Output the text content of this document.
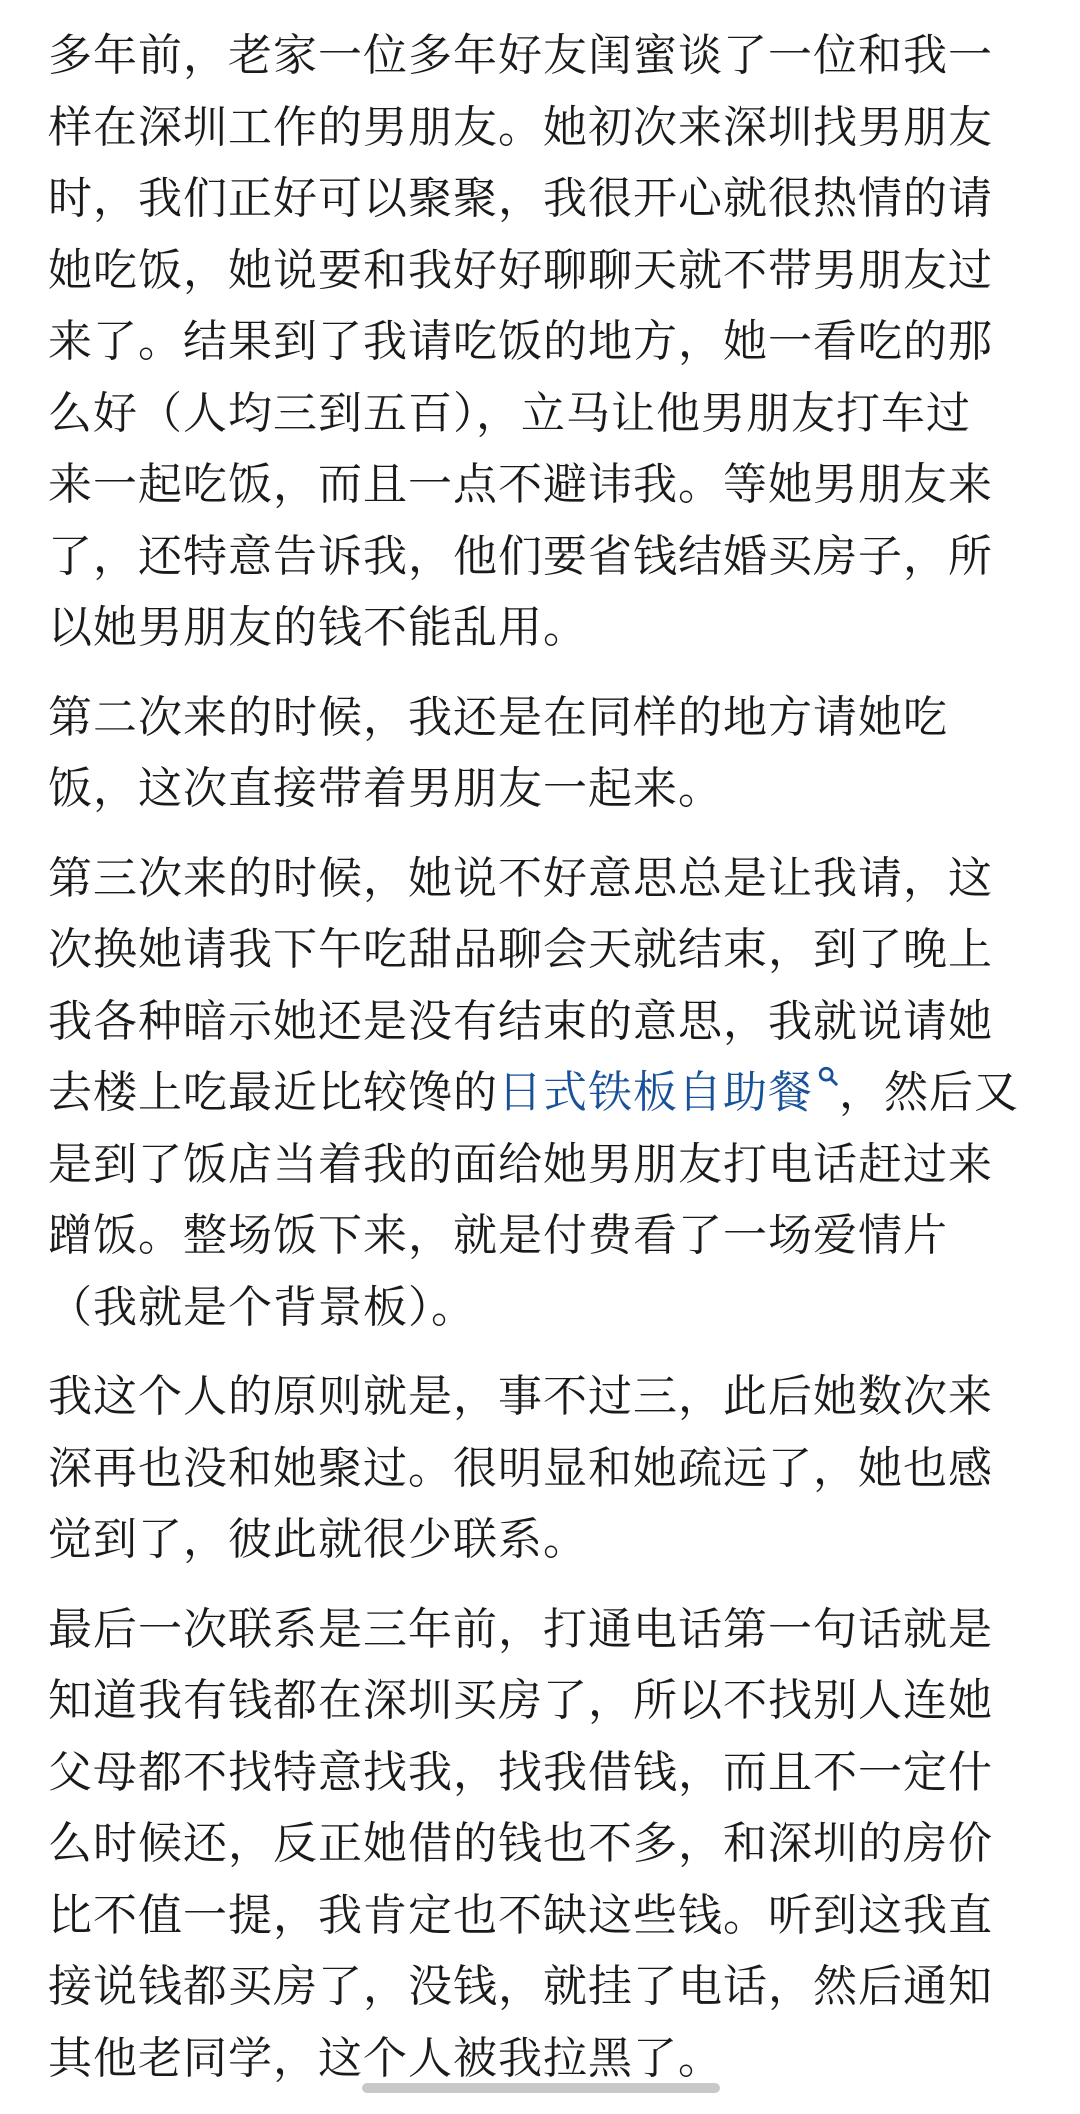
多年前，老家一位多年好友闺蜜谈了一位和我一
样在深圳工作的男朋友。她初次来深圳找男朋友
时，我们正好可以聚聚，我很开心就很热情的请
她吃饭，她说要和我好好聊聊天就不带男朋友过
来了。结果到了我请吃饭的地方，她一看吃的那
么好（人均三到五百），立马让他男朋友打车过
来一起吃饭，而且一点不避讳我。等她男朋友来
了，还特意告诉我，他们要省钱结婚买房子，所
以她男朋友的钱不能乱用。

第二次来的时候，我还是在同样的地方请她吃
饭，这次直接带着男朋友一起来。

第三次来的时候，她说不好意思总是让我请，这
次换她请我下午吃甜品聊会天就结束，到了晚上
我各种暗示她还是没有结束的意思，我就说请她
去楼上吃最近比较馋的日式铁板自助餐 ，然后又
是到了饭店当着我的面给她男朋友打电话赶过来
蹭饭。整场饭下来，就是付费看了一场爱情片
（我就是个背景板）。

我这个人的原则就是，事不过三，此后她数次来
深再也没和她聚过。很明显和她疏远了，她也感
觉到了，彼此就很少联系。

最后一次联系是三年前，打通电话第一句话就是
知道我有钱都在深圳买房了，所以不找别人连她
父母都不找特意找我，找我借钱，而且不一定什
么时候还，反正她借的钱也不多，和深圳的房价
比不值一提，我肯定也不缺这些钱。听到这我直
接说钱都买房了，没钱，就挂了电话，然后通知
其他老同学，这个人被我拉黑了。
